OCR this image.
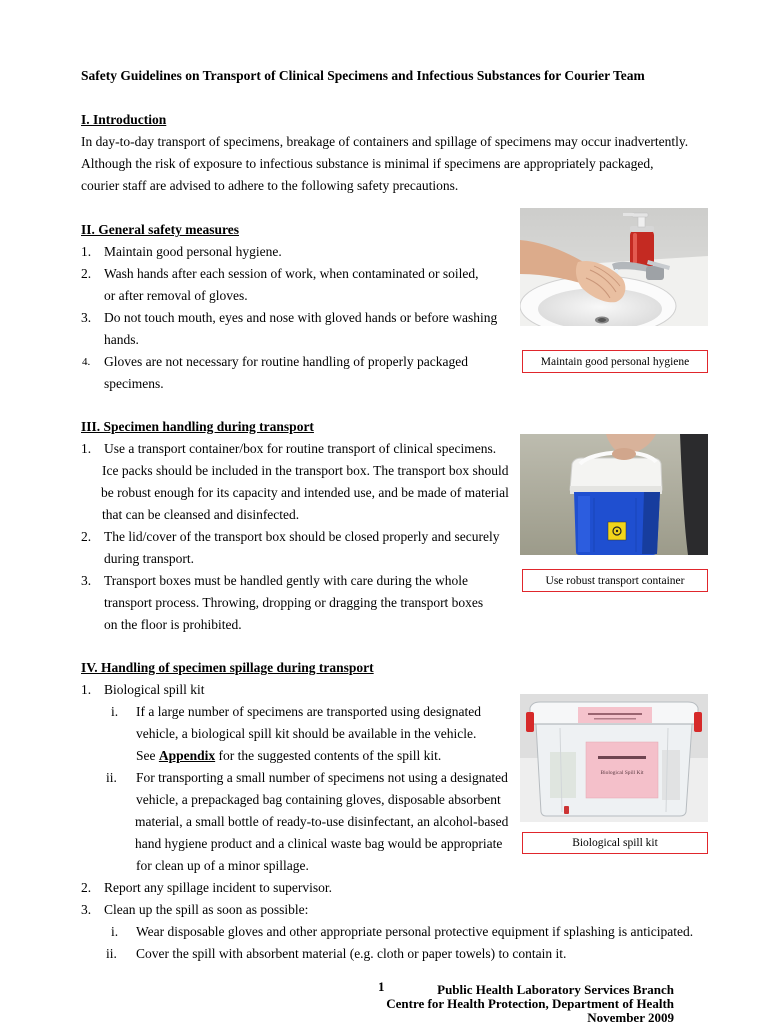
Safety Guidelines on Transport of Clinical Specimens and Infectious Substances for Courier Team
I. Introduction
In day-to-day transport of specimens, breakage of containers and spillage of specimens may occur inadvertently.
Although the risk of exposure to infectious substance is minimal if specimens are appropriately packaged,
courier staff are advised to adhere to the following safety precautions.
II. General safety measures
1. Maintain good personal hygiene.
2. Wash hands after each session of work, when contaminated or soiled,
or after removal of gloves.
3. Do not touch mouth, eyes and nose with gloved hands or before washing
hands.
4. Gloves are not necessary for routine handling of properly packaged
specimens.
Maintain good personal hygiene
III. Specimen handling during transport
1. Use a transport container/box for routine transport of clinical specimens.
Ice packs should be included in the transport box. The transport box should
be robust enough for its capacity and intended use, and be made of material
that can be cleansed and disinfected.
2. The lid/cover of the transport box should be closed properly and securely
during transport.
3. Transport boxes must be handled gently with care during the whole
transport process. Throwing, dropping or dragging the transport boxes
on the floor is prohibited.
Use robust transport container
IV. Handling of specimen spillage during transport
1. Biological spill kit
i. If a large number of specimens are transported using designated
vehicle, a biological spill kit should be available in the vehicle.
See Appendix for the suggested contents of the spill kit.
ii. For transporting a small number of specimens not using a designated
vehicle, a prepackaged bag containing gloves, disposable absorbent
material, a small bottle of ready-to-use disinfectant, an alcohol-based
hand hygiene product and a clinical waste bag would be appropriate
for clean up of a minor spillage.
2. Report any spillage incident to supervisor.
3. Clean up the spill as soon as possible:
i. Wear disposable gloves and other appropriate personal protective equipment if splashing is anticipated.
ii. Cover the spill with absorbent material (e.g. cloth or paper towels) to contain it.
Biological Spill Kit
Biological spill kit
1	Public Health Laboratory Services Branch
Centre for Health Protection, Department of Health
November 2009
